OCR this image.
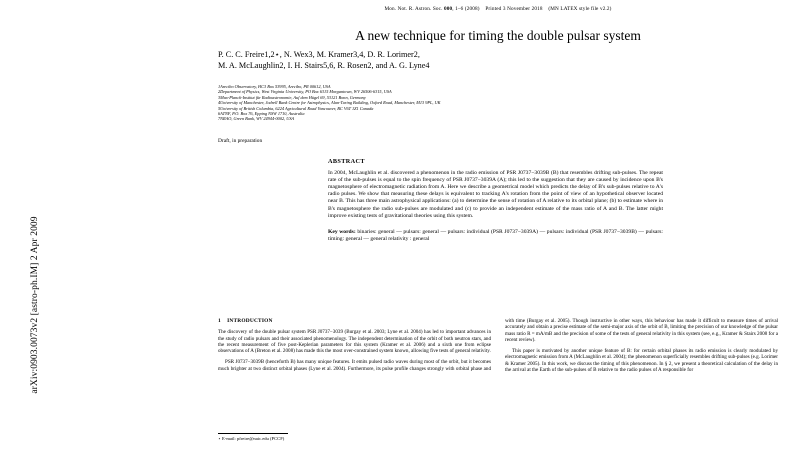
arXiv:0903.0073v2 [astro-ph.IM] 2 Apr 2009
Mon. Not. R. Astron. Soc. 000, 1–6 (2008) Printed 3 November 2018 (MN LATEX style file v2.2)
A new technique for timing the double pulsar system
P. C. C. Freire1,2⋆, N. Wex3, M. Kramer3,4, D. R. Lorimer2,
M. A. McLaughlin2, I. H. Stairs5,6, R. Rosen2, and A. G. Lyne4
1Arecibo Observatory, HC3 Box 53995, Arecibo, PR 00612, USA
2Department of Physics, West Virginia University, PO Box 6315 Morgantown, WV 26506-6315, USA
3Max-Planck-Institut für Radioastronomie, Auf dem Hügel 69, 53121 Bonn, Germany
4University of Manchester, Jodrell Bank Centre for Astrophysics, Alan-Turing Building, Oxford Road, Manchester, M13 9PL, UK
5University of British Columbia, 6224 Agricultural Road Vancouver, BC V6T 1Z1 Canada
6ATNF, P.O. Box 76, Epping NSW 1710, Australia
7NRAO, Green Bank, WV 24944-0002, USA
Draft, in preparation
ABSTRACT

In 2004, McLaughlin et al. discovered a phenomenon in the radio emission of PSR J0737−3039B (B) that resembles drifting sub-pulses. The repeat rate of the sub-pulses is equal to the spin frequency of PSR J0737−3039A (A); this led to the suggestion that they are caused by incidence upon B's magnetosphere of electromagnetic radiation from A. Here we describe a geometrical model which predicts the delay of B's sub-pulses relative to A's radio pulses. We show that measuring these delays is equivalent to tracking A's rotation from the point of view of an hypothetical observer located near B. This has three main astrophysical applications: (a) to determine the sense of rotation of A relative to its orbital plane; (b) to estimate where in B's magnetosphere the radio sub-pulses are modulated and (c) to provide an independent estimate of the mass ratio of A and B. The latter might improve existing tests of gravitational theories using this system.

Key words: binaries: general — pulsars: general — pulsars: individual (PSR J0737−3039A) — pulsars: individual (PSR J0737−3039B) — pulsars: timing: general — general relativity : general
1 INTRODUCTION

The discovery of the double pulsar system PSR J0737−3039 (Burgay et al. 2003; Lyne et al. 2004) has led to important advances in the study of radio pulsars and their associated phenomenology. The independent determination of the orbit of both neutron stars, and the recent measurement of five post-Keplerian parameters for this system (Kramer et al. 2006) and a sixth one from eclipse observations of A (Breton et al. 2008) has made this the most over-constrained system known, allowing five tests of general relativity.

PSR J0737−3039B (henceforth B) has many unique features. It emits pulsed radio waves during most of the orbit, but it becomes much brighter at two distinct orbital phases (Lyne et al. 2004). Furthermore, its pulse profile changes strongly with orbital phase and with time (Burgay et al. 2005). Though instructive in other ways, this behaviour has made it difficult to measure times of arrival accurately and obtain a precise estimate of the semi-major axis of the orbit of B, limiting the precision of our knowledge of the pulsar mass ratio R = mA/mB and the precision of some of the tests of general relativity in this system (see, e.g., Kramer & Stairs 2008 for a recent review).

This paper is motivated by another unique feature of B: for certain orbital phases its radio emission is clearly modulated by electromagnetic emission from A (McLaughlin et al. 2004); the phenomenon superficially resembles drifting sub-pulses (e.g. Lorimer & Kramer 2005). In this work, we discuss the timing of this phenomenon. In § 2, we present a theoretical calculation of the delay in the arrival at the Earth of the sub-pulses of B relative to the radio pulses of A responsible for

⋆ E-mail: pfreire@naic.edu (PCCF)
